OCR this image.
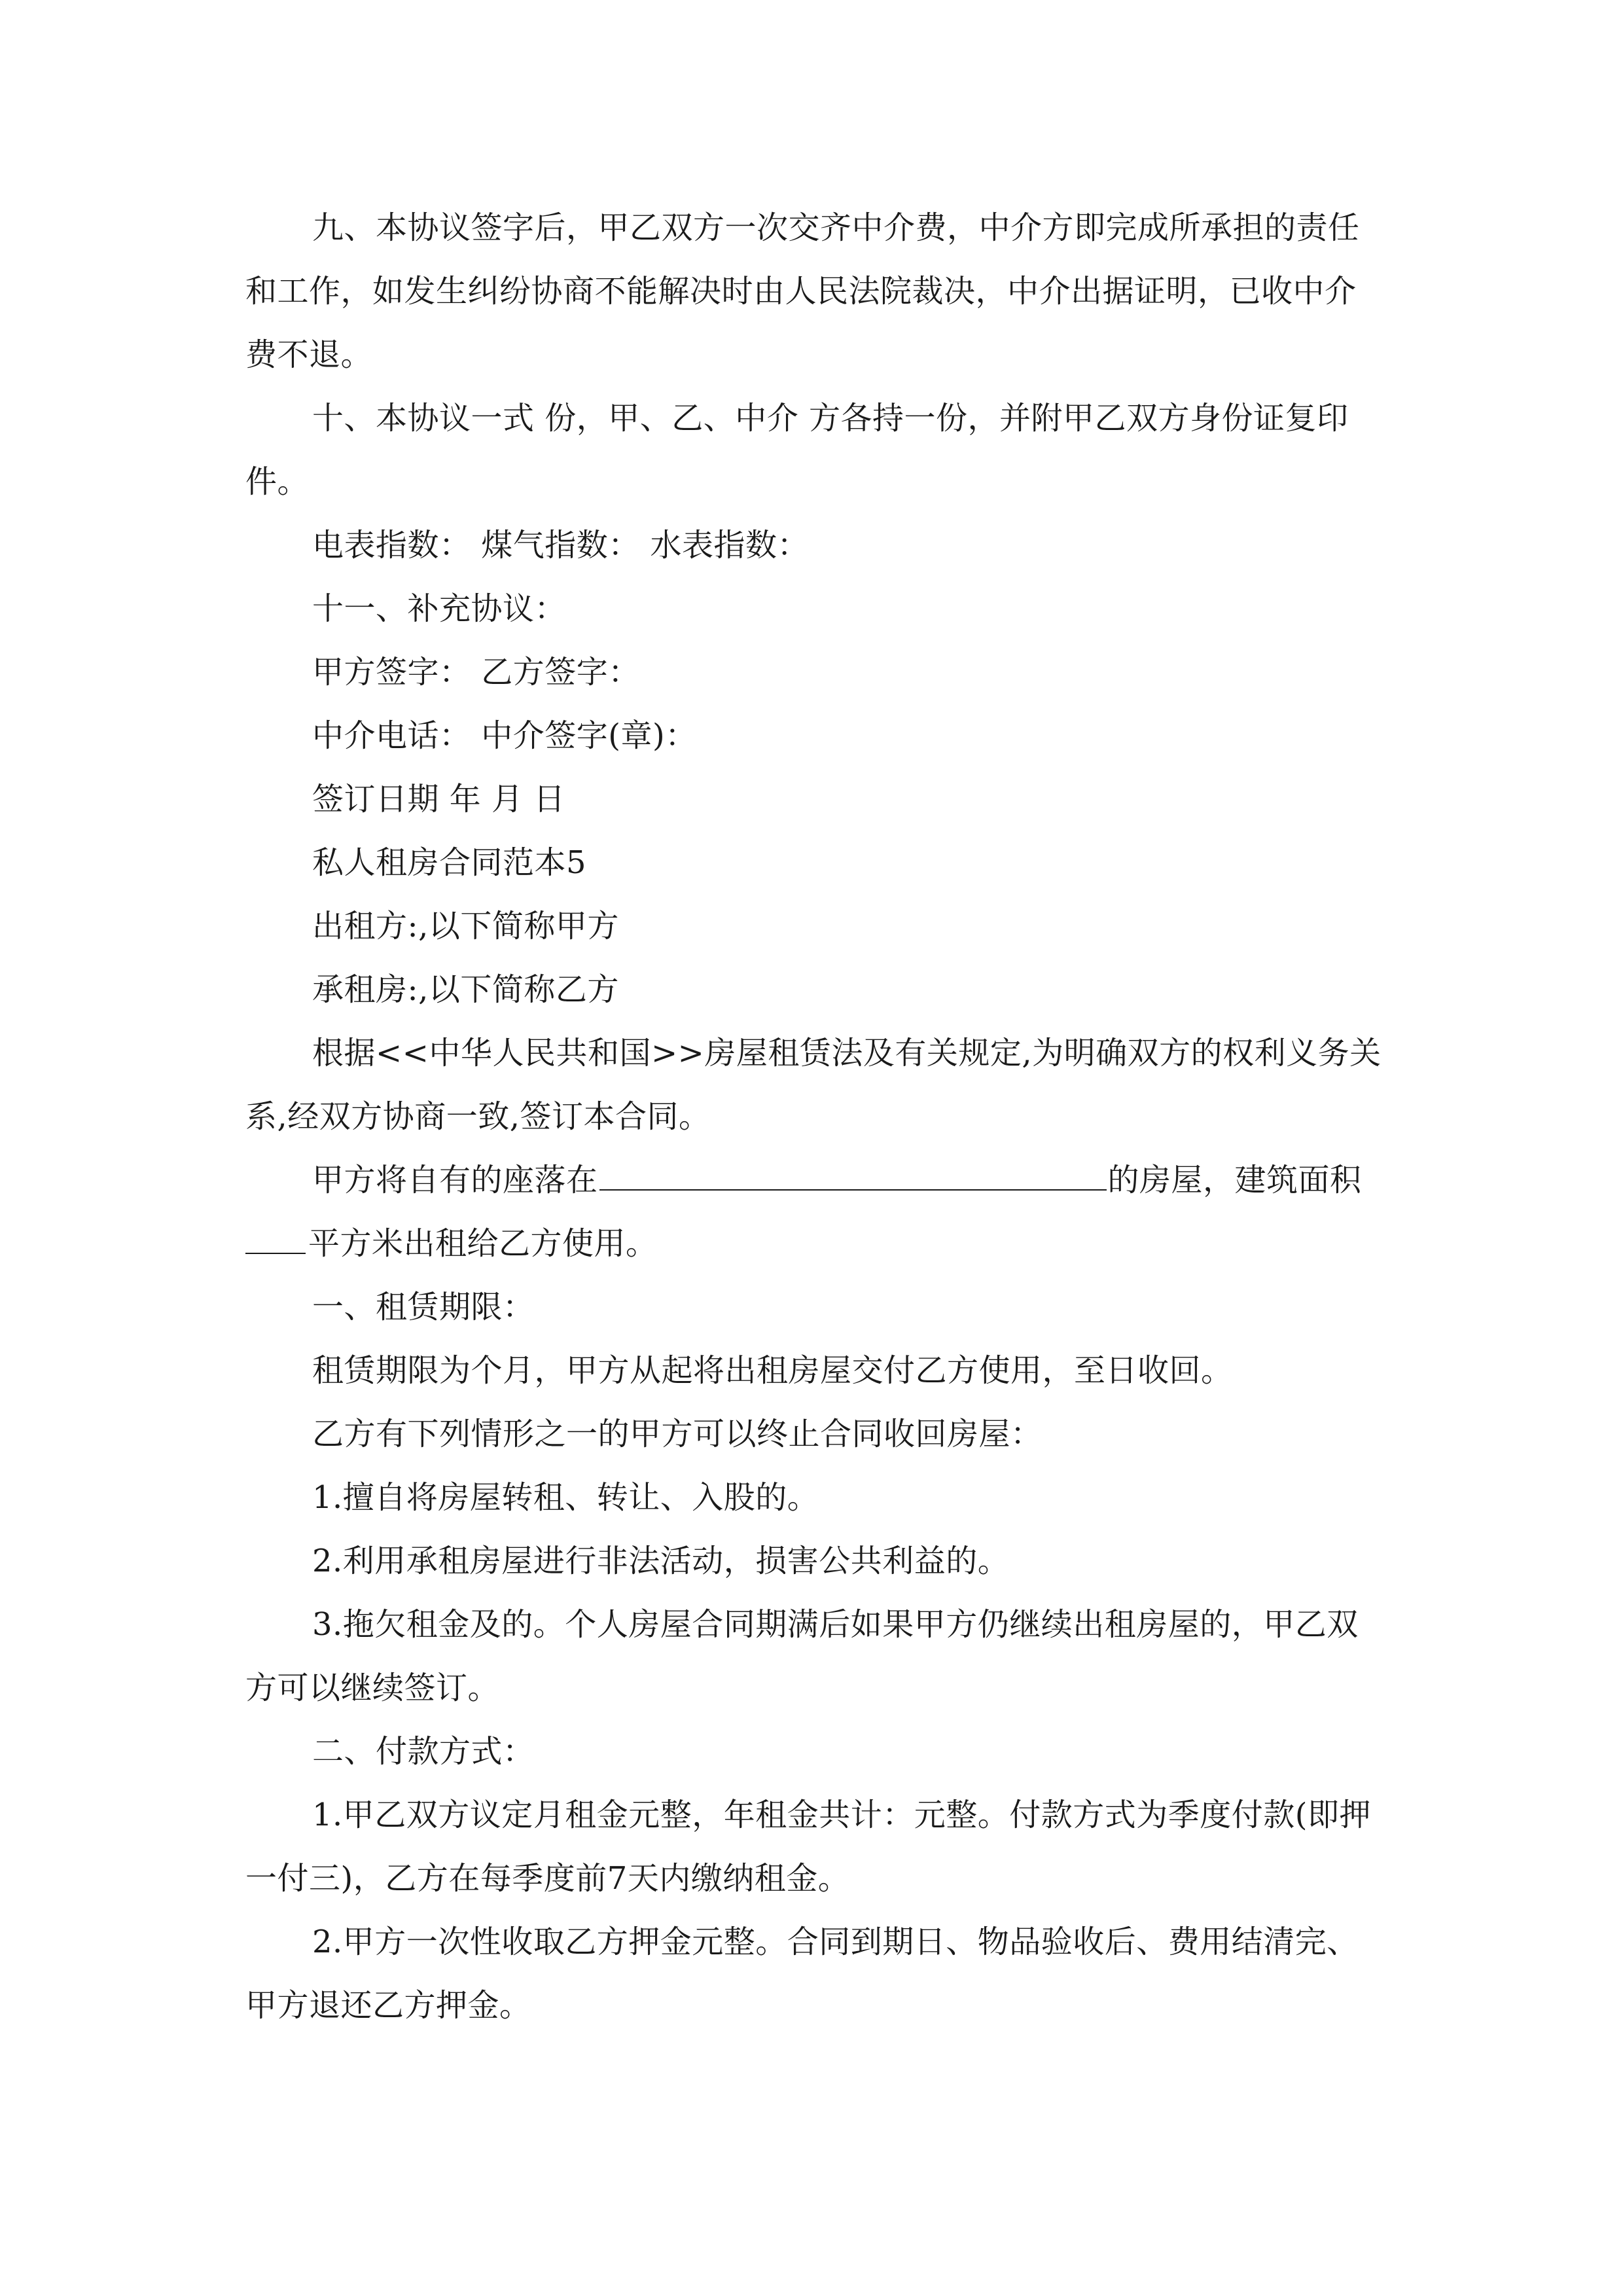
九、本协议签字后，甲乙双方一次交齐中介费，中介方即完成所承担的责任和工作，如发生纠纷协商不能解决时由人民法院裁决，中介出据证明，已收中介费不退。

十、本协议一式 份，甲、乙、中介 方各持一份，并附甲乙双方身份证复印件。

电表指数： 煤气指数： 水表指数：

十一、补充协议：

甲方签字： 乙方签字：

中介电话： 中介签字(章)：

签订日期 年 月 日

私人租房合同范本5

出租方:,以下简称甲方

承租房:,以下简称乙方

根据<<中华人民共和国>>房屋租赁法及有关规定,为明确双方的权利义务关系,经双方协商一致,签订本合同。

甲方将自有的座落在	的房屋，建筑面积平方米出租给乙方使用。

一、租赁期限：

租赁期限为个月，甲方从起将出租房屋交付乙方使用，至日收回。

乙方有下列情形之一的甲方可以终止合同收回房屋：

1.擅自将房屋转租、转让、入股的。

2.利用承租房屋进行非法活动，损害公共利益的。

3.拖欠租金及的。个人房屋合同期满后如果甲方仍继续出租房屋的，甲乙双方可以继续签订。

二、付款方式：

1.甲乙双方议定月租金元整，年租金共计：元整。付款方式为季度付款(即押一付三)，乙方在每季度前7天内缴纳租金。

2.甲方一次性收取乙方押金元整。合同到期日、物品验收后、费用结清完、甲方退还乙方押金。
